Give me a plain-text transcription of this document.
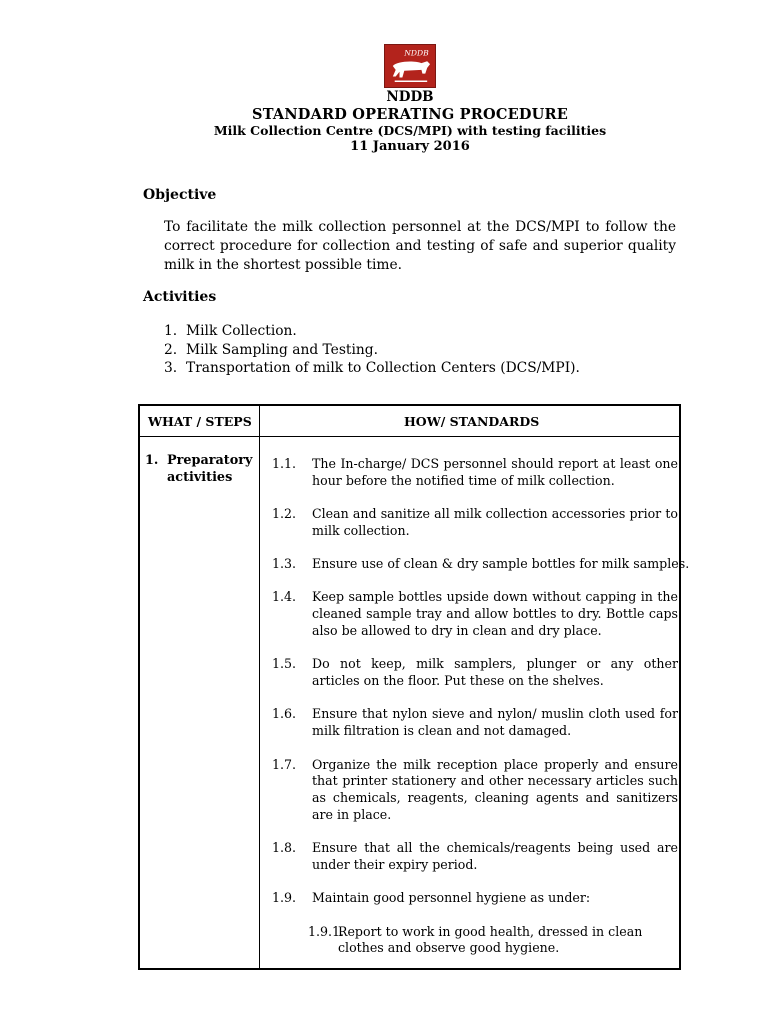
NDDB
NDDB
STANDARD OPERATING PROCEDURE
Milk Collection Centre (DCS/MPI) with testing facilities
11 January 2016
Objective

To facilitate the milk collection personnel at the DCS/MPI to follow the correct procedure for collection and testing of safe and superior quality milk in the shortest possible time.

Activities
1. Milk Collection.
2. Milk Sampling and Testing.
3. Transportation of milk to Collection Centers (DCS/MPI).
WHAT / STEPS	HOW/ STANDARDS
1. Preparatory activities
1.1. The In-charge/ DCS personnel should report at least one hour before the notified time of milk collection.
1.2. Clean and sanitize all milk collection accessories prior to milk collection.
1.3. Ensure use of clean & dry sample bottles for milk samples.
1.4. Keep sample bottles upside down without capping in the cleaned sample tray and allow bottles to dry. Bottle caps also be allowed to dry in clean and dry place.
1.5. Do not keep, milk samplers, plunger or any other articles on the floor. Put these on the shelves.
1.6. Ensure that nylon sieve and nylon/ muslin cloth used for milk filtration is clean and not damaged.
1.7. Organize the milk reception place properly and ensure that printer stationery and other necessary articles such as chemicals, reagents, cleaning agents and sanitizers are in place.
1.8. Ensure that all the chemicals/reagents being used are under their expiry period.
1.9. Maintain good personnel hygiene as under:
1.9.1.
Report to work in good health, dressed in clean clothes and observe good hygiene.
